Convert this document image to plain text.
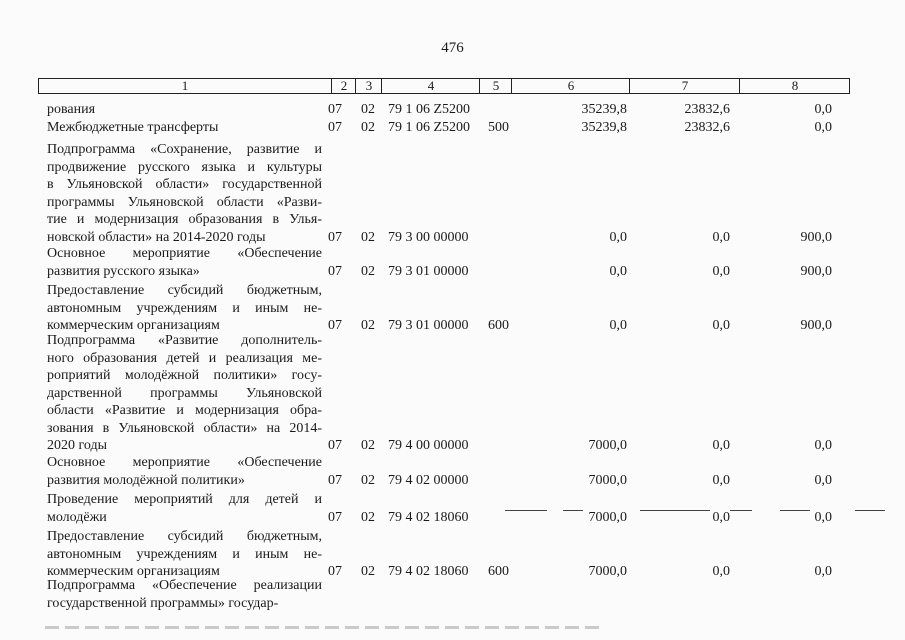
476
1	2	3	4	5	6	7	8
рования	07 02 79 1 06 Z5200	35239,8	23832,6	0,0
Межбюджетные трансферты	07 02 79 1 06 Z5200 500	35239,8	23832,6	0,0
Подпрограмма «Сохранение, развитие и
продвижение русского языка и культуры
в Ульяновской области» государственной
программы Ульяновской области «Разви-
тие и модернизация образования в Улья-
новской области» на 2014-2020 годы	07 02 79 3 00 00000	0,0	0,0	900,0
Основное мероприятие «Обеспечение
развития русского языка»	07 02 79 3 01 00000	0,0	0,0	900,0
Предоставление субсидий бюджетным,
автономным учреждениям и иным не-
коммерческим организациям	07 02 79 3 01 00000 600	0,0	0,0	900,0
Подпрограмма «Развитие дополнитель-
ного образования детей и реализация ме-
роприятий молодёжной политики» госу-
дарственной программы Ульяновской
области «Развитие и модернизация обра-
зования в Ульяновской области» на 2014-
2020 годы	07 02 79 4 00 00000	7000,0	0,0	0,0
Основное мероприятие «Обеспечение
развития молодёжной политики»	07 02 79 4 02 00000	7000,0	0,0	0,0
Проведение мероприятий для детей и
молодёжи	07 02 79 4 02 18060	7000,0	0,0	0,0
Предоставление субсидий бюджетным,
автономным учреждениям и иным не-
коммерческим организациям	07 02 79 4 02 18060 600	7000,0	0,0	0,0
Подпрограмма «Обеспечение реализации
государственной программы» государ-
